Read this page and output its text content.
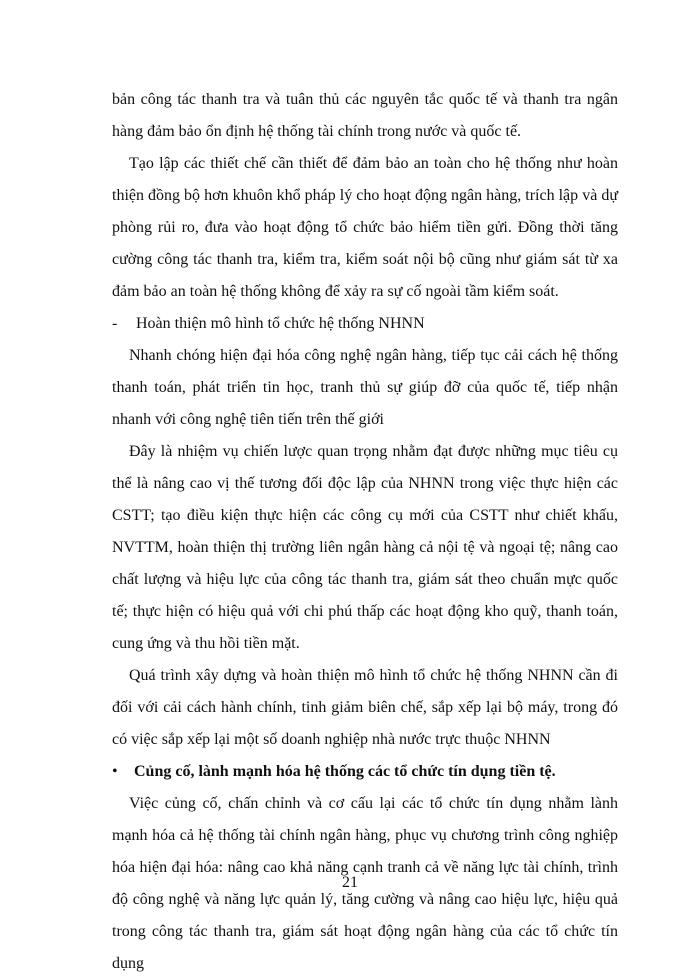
bản công tác thanh tra và tuân thủ các nguyên tắc quốc tế và thanh tra ngân hàng đảm bảo ổn định hệ thống tài chính trong nước và quốc tế.

Tạo lập các thiết chế cần thiết để đảm bảo an toàn cho hệ thống như hoàn thiện đồng bộ hơn khuôn khổ pháp lý cho hoạt động ngân hàng, trích lập và dự phòng rủi ro, đưa vào hoạt động tổ chức bảo hiểm tiền gửi. Đồng thời tăng cường công tác thanh tra, kiểm tra, kiểm soát nội bộ cũng như giám sát từ xa đảm bảo an toàn hệ thống không để xảy ra sự cố ngoài tầm kiểm soát.

-	Hoàn thiện mô hình tổ chức hệ thống NHNN

Nhanh chóng hiện đại hóa công nghệ ngân hàng, tiếp tục cải cách hệ thống thanh toán, phát triển tin học, tranh thủ sự giúp đỡ của quốc tế, tiếp nhận nhanh với công nghệ tiên tiến trên thế giới

Đây là nhiệm vụ chiến lược quan trọng nhằm đạt được những mục tiêu cụ thể là nâng cao vị thế tương đối độc lập của NHNN trong việc thực hiện các CSTT; tạo điều kiện thực hiện các công cụ mới của CSTT như chiết khấu, NVTTM, hoàn thiện thị trường liên ngân hàng cả nội tệ và ngoại tệ; nâng cao chất lượng và hiệu lực của công tác thanh tra, giám sát theo chuẩn mực quốc tế; thực hiện có hiệu quả với chi phú thấp các hoạt động kho quỹ, thanh toán, cung ứng và thu hồi tiền mặt.

Quá trình xây dựng và hoàn thiện mô hình tổ chức hệ thống NHNN cần đi đối với cải cách hành chính, tinh giảm biên chế, sắp xếp lại bộ máy, trong đó có việc sắp xếp lại một số doanh nghiệp nhà nước trực thuộc NHNN

•	Củng cố, lành mạnh hóa hệ thống các tổ chức tín dụng tiền tệ.

Việc củng cố, chấn chỉnh và cơ cấu lại các tổ chức tín dụng nhằm lành mạnh hóa cả hệ thống tài chính ngân hàng, phục vụ chương trình công nghiệp hóa hiện đại hóa: nâng cao khả năng cạnh tranh cả về năng lực tài chính, trình độ công nghệ và năng lực quản lý, tăng cường và nâng cao hiệu lực, hiệu quả trong công tác thanh tra, giám sát hoạt động ngân hàng của các tổ chức tín dụng

21
